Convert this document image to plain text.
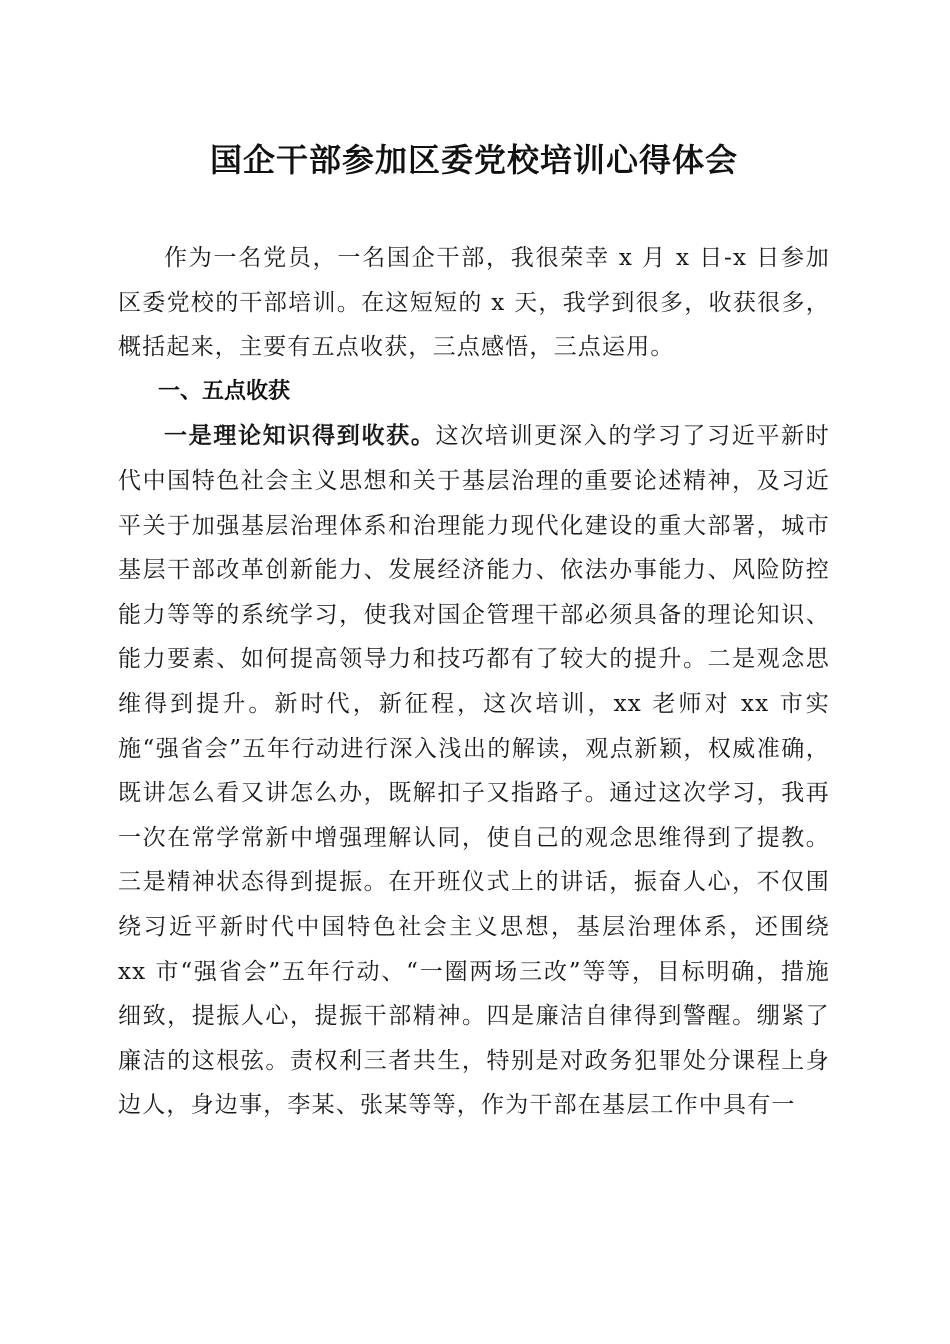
国企干部参加区委党校培训心得体会

作为一名党员，一名国企干部，我很荣幸 x 月 x 日-x 日参加区委党校的干部培训。在这短短的 x 天，我学到很多，收获很多，概括起来，主要有五点收获，三点感悟，三点运用。

一、五点收获

一是理论知识得到收获。这次培训更深入的学习了习近平新时代中国特色社会主义思想和关于基层治理的重要论述精神，及习近平关于加强基层治理体系和治理能力现代化建设的重大部署，城市基层干部改革创新能力、发展经济能力、依法办事能力、风险防控能力等等的系统学习，使我对国企管理干部必须具备的理论知识、能力要素、如何提高领导力和技巧都有了较大的提升。二是观念思维得到提升。新时代，新征程，这次培训，xx 老师对 xx 市实施“强省会”五年行动进行深入浅出的解读，观点新颖，权威准确，既讲怎么看又讲怎么办，既解扣子又指路子。通过这次学习，我再一次在常学常新中增强理解认同，使自己的观念思维得到了提教。三是精神状态得到提振。在开班仪式上的讲话，振奋人心，不仅围绕习近平新时代中国特色社会主义思想，基层治理体系，还围绕 xx 市“强省会”五年行动、“一圈两场三改”等等，目标明确，措施细致，提振人心，提振干部精神。四是廉洁自律得到警醒。绷紧了廉洁的这根弦。责权利三者共生，特别是对政务犯罪处分课程上身边人，身边事，李某、张某等等，作为干部在基层工作中具有一
